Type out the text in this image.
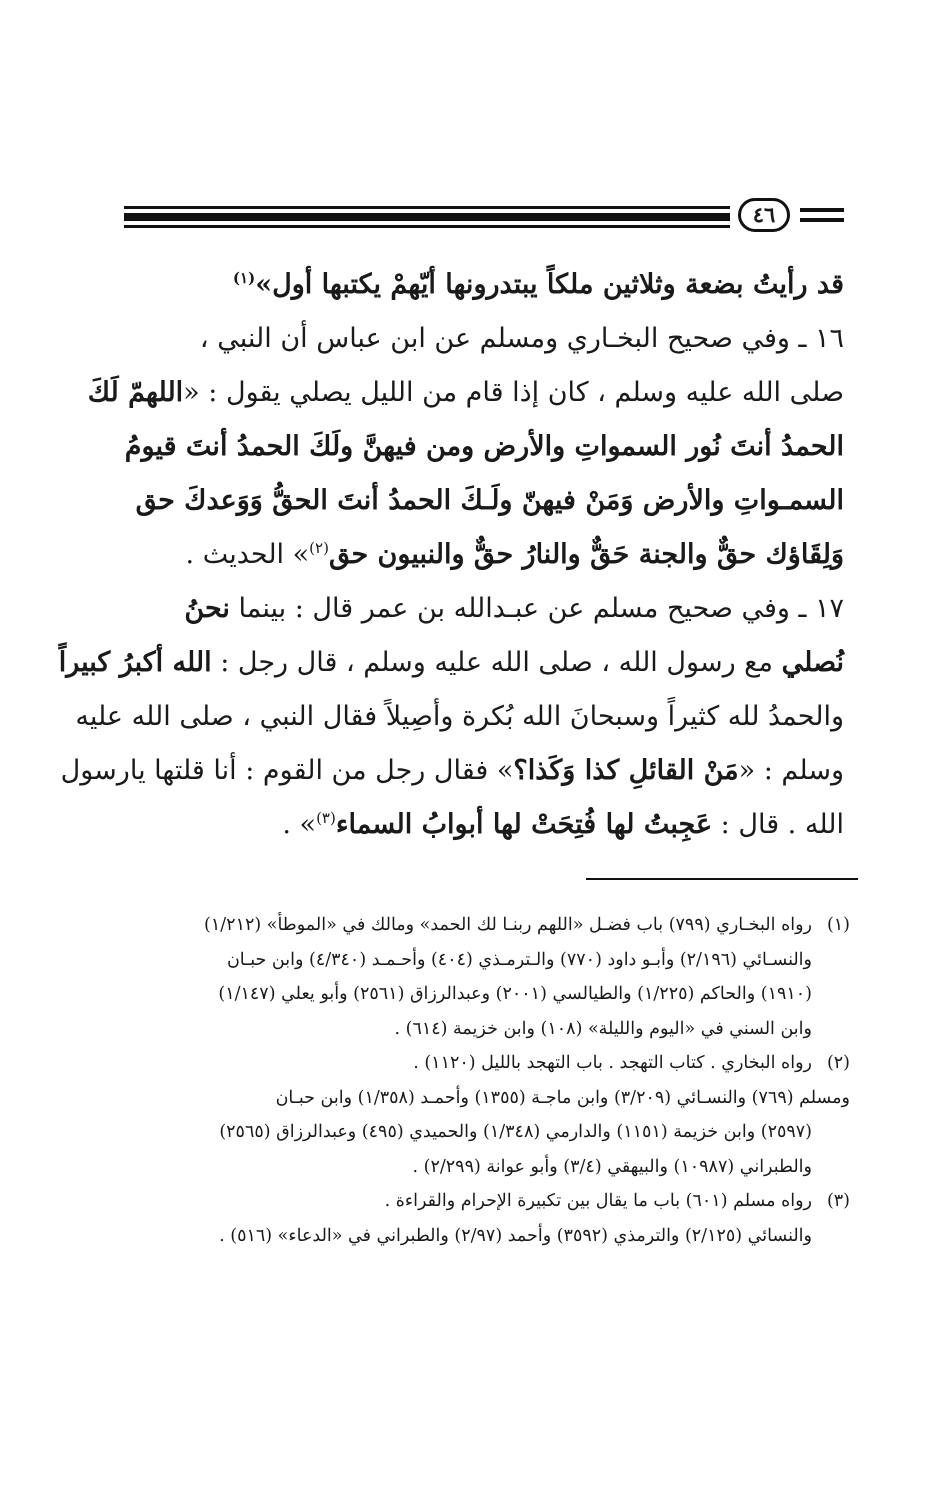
٤٦
قد رأيتُ بضعة وثلاثين ملكاً يبتدرونها أيّهمْ يكتبها أول»$^{(١)}$
١٦ ـ وفي صحيح البخـاري ومسلم عن ابن عباس أن النبي ،
صلى الله عليه وسلم ، كان إذا قام من الليل يصلي يقول : «اللهمّ لَكَ
الحمدُ أنتَ نُور السمواتِ والأرض ومن فيهنَّ ولَكَ الحمدُ أنتَ قيومُ
السمـواتِ والأرض وَمَنْ فيهنّ ولَـكَ الحمدُ أنتَ الحقُّ وَوَعدكَ حق
وَلِقَاؤك حقٌّ والجنة حَقٌّ والنارُ حقٌّ والنبيون حق$^{(٢)}$» الحديث .
١٧ ـ وفي صحيح مسلم عن عبـدالله بن عمر قال : بينما نحنُ
نُصلي مع رسول الله ، صلى الله عليه وسلم ، قال رجل : الله أكبرُ كبيراً
والحمدُ لله كثيراً وسبحانَ الله بُكرة وأصِيلاً فقال النبي ، صلى الله عليه
وسلم : «مَنْ القائلِ كذا وَكَذا؟» فقال رجل من القوم : أنا قلتها يارسول
الله . قال : عَجِبتُ لها فُتِحَتْ لها أبوابُ السماء$^{(٣)}$» .
(١)رواه البخـاري (٧٩٩) باب فضـل «اللهم ربنـا لك الحمد» ومالك في «الموطأ» (١/٢١٢)
والنسـائي (٢/١٩٦) وأبـو داود (٧٧٠) والـترمـذي (٤٠٤) وأحـمـد (٤/٣٤٠) وابن حبـان
(١٩١٠) والحاكم (١/٢٢٥) والطيالسي (٢٠٠١) وعبدالرزاق (٢٥٦١) وأبو يعلي (١/١٤٧)
وابن السني في «اليوم والليلة» (١٠٨) وابن خزيمة (٦١٤) .
(٢)رواه البخاري . كتاب التهجد . باب التهجد بالليل (١١٢٠) .
ومسلم (٧٦٩) والنسـائي (٣/٢٠٩) وابن ماجـة (١٣٥٥) وأحمـد (١/٣٥٨) وابن حبـان
(٢٥٩٧) وابن خزيمة (١١٥١) والدارمي (١/٣٤٨) والحميدي (٤٩٥) وعبدالرزاق (٢٥٦٥)
والطبراني (١٠٩٨٧) والبيهقي (٣/٤) وأبو عوانة (٢/٢٩٩) .
(٣)رواه مسلم (٦٠١) باب ما يقال بين تكبيرة الإحرام والقراءة .
والنسائي (٢/١٢٥) والترمذي (٣٥٩٢) وأحمد (٢/٩٧) والطبراني في «الدعاء» (٥١٦) .
